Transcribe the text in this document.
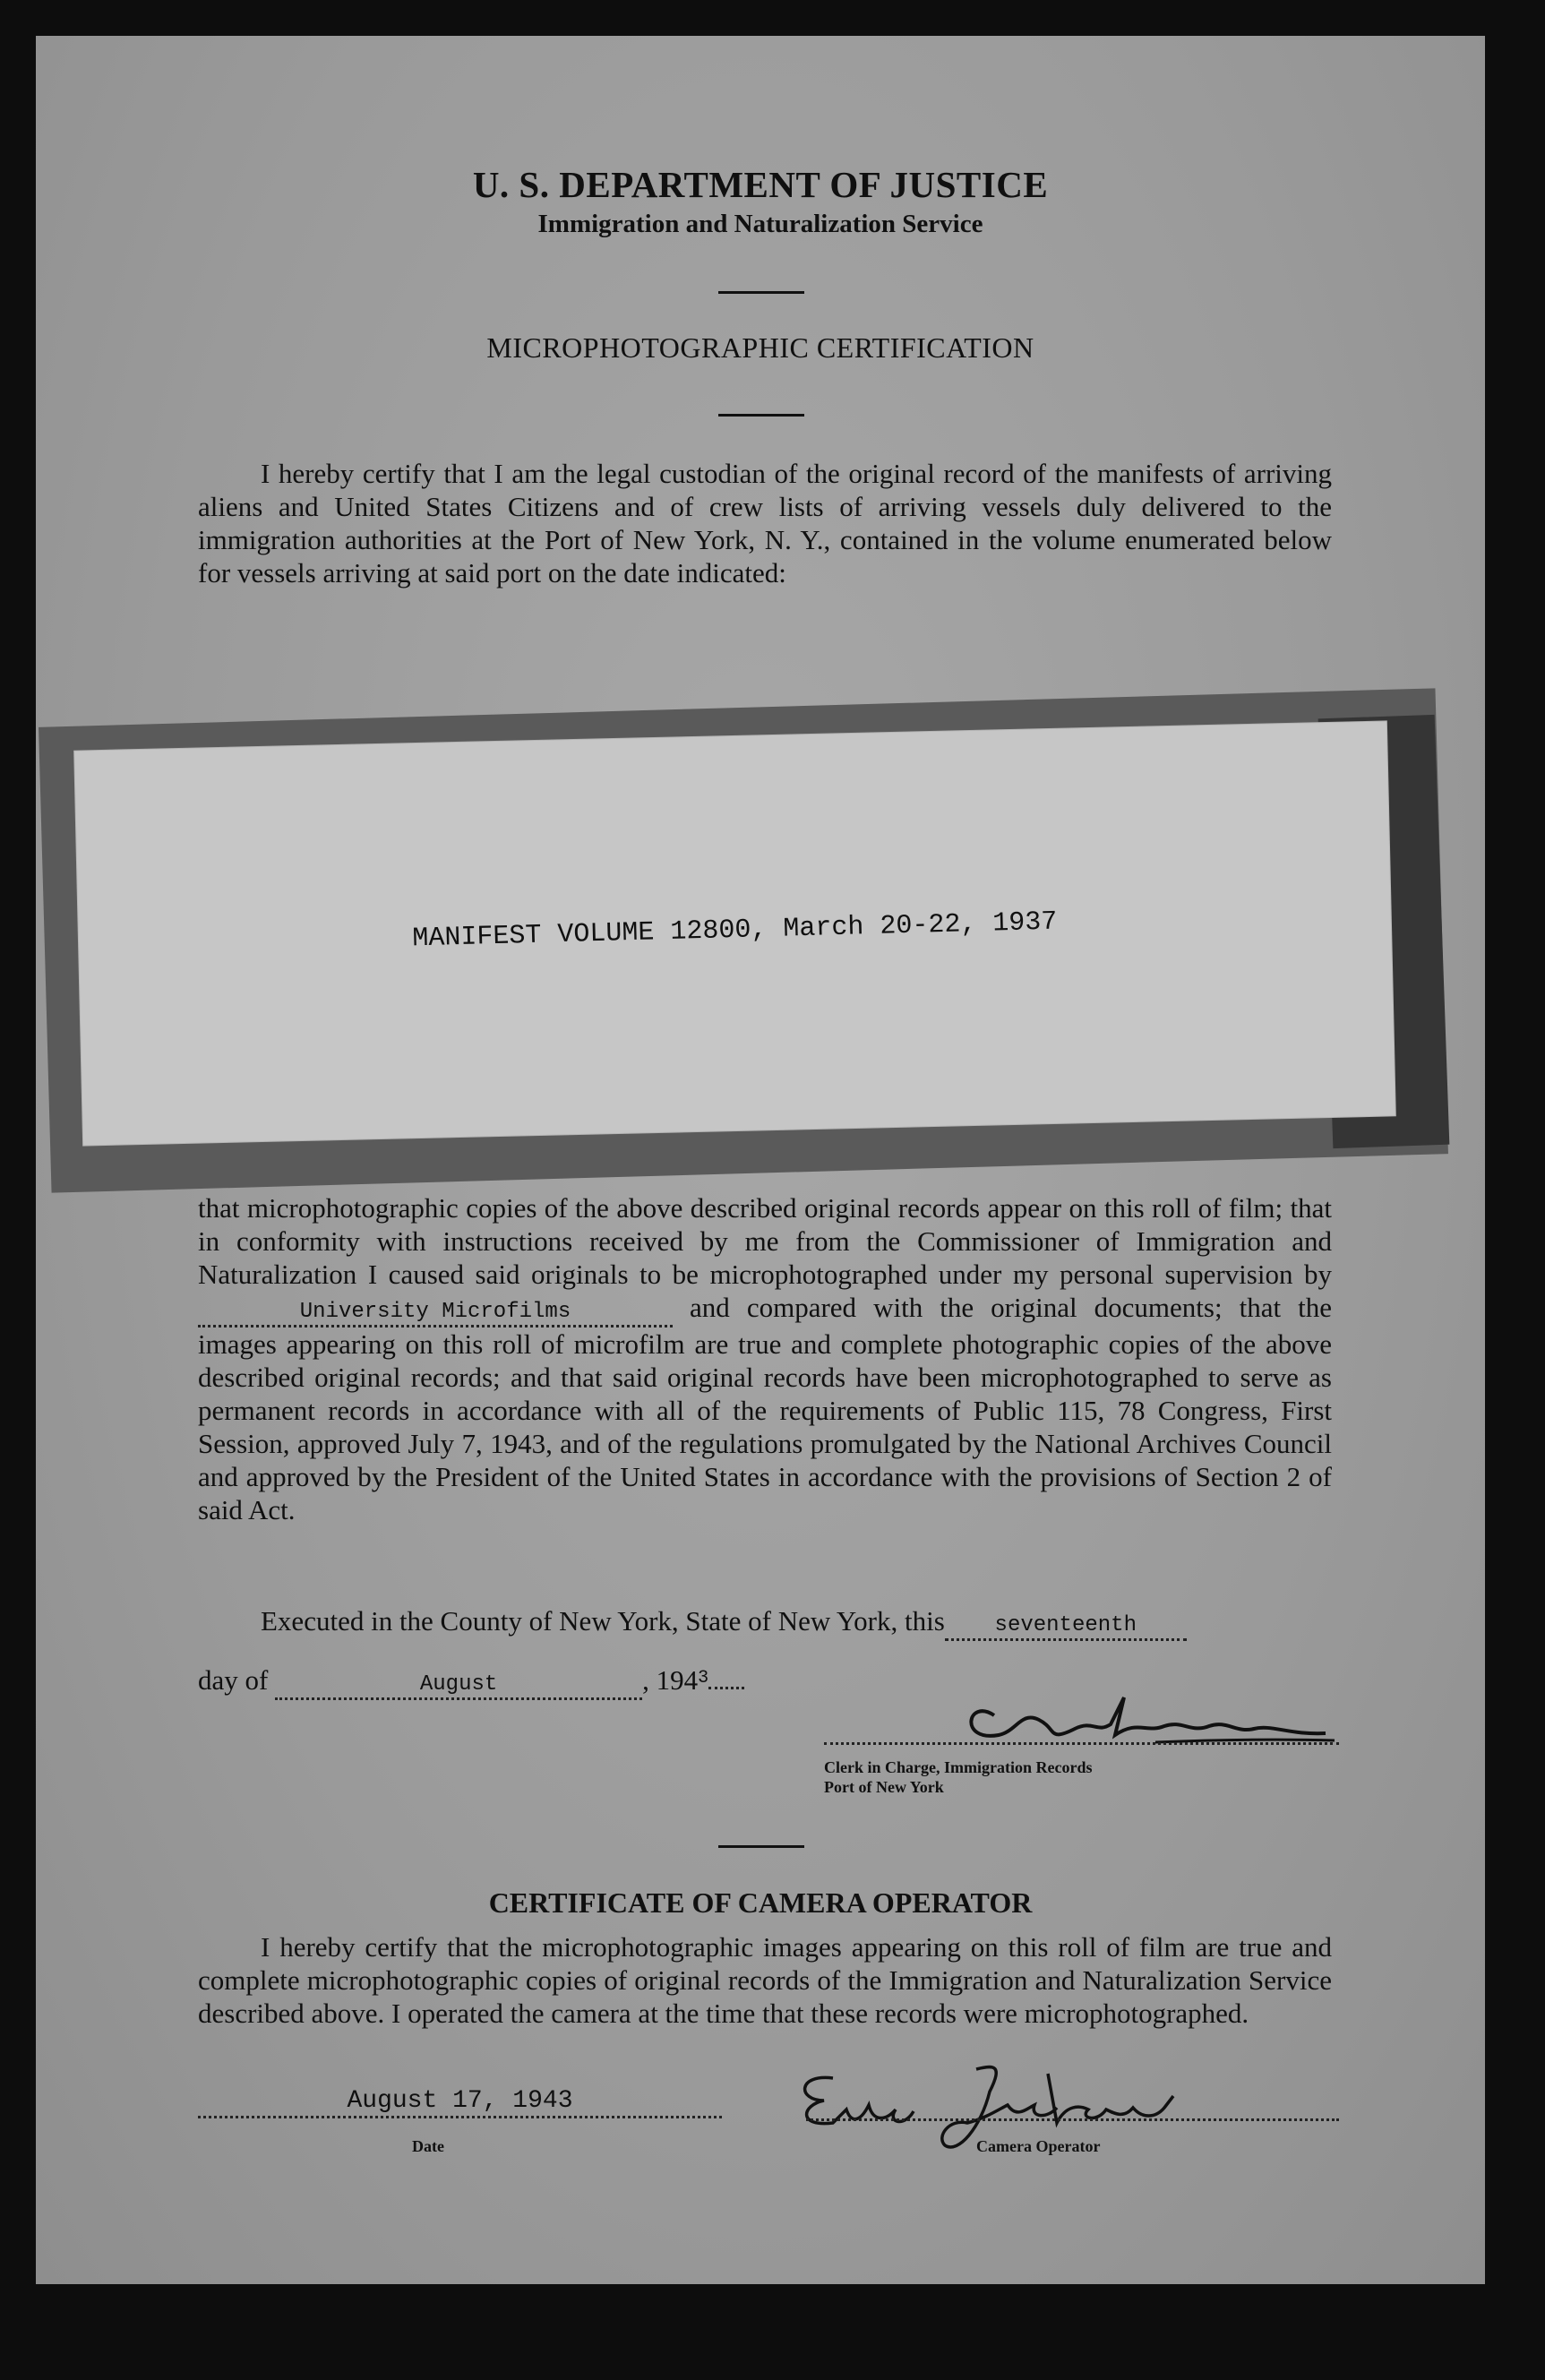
U. S. DEPARTMENT OF JUSTICE
Immigration and Naturalization Service
MICROPHOTOGRAPHIC CERTIFICATION

I hereby certify that I am the legal custodian of the original record of the manifests of arriving aliens and United States Citizens and of crew lists of arriving vessels duly delivered to the immigration authorities at the Port of New York, N. Y., contained in the volume enumerated below for vessels arriving at said port on the date indicated:

MANIFEST VOLUME 12800, March 20-22, 1937

that microphotographic copies of the above described original records appear on this roll of film; that in conformity with instructions received by me from the Commissioner of Immigration and Naturalization I caused said originals to be microphotographed under my personal supervision by University Microfilms	and compared with the original documents; that the images appearing on this roll of microfilm are true and complete photographic copies of the above described original records; and that said original records have been microphotographed to serve as permanent records in accordance with all of the requirements of Public 115, 78 Congress, First Session, approved July 7, 1943, and of the regulations promulgated by the National Archives Council and approved by the President of the United States in accordance with the provisions of Section 2 of said Act.

Executed in the County of New York, State of New York, this seventeenth
day of	August	, $194^3$
Clerk in Charge, Immigration Records
Port of New York
CERTIFICATE OF CAMERA OPERATOR

I hereby certify that the microphotographic images appearing on this roll of film are true and complete microphotographic copies of original records of the Immigration and Naturalization Service described above. I operated the camera at the time that these records were microphotographed.

August 17, 1943
Date	Camera Operator
